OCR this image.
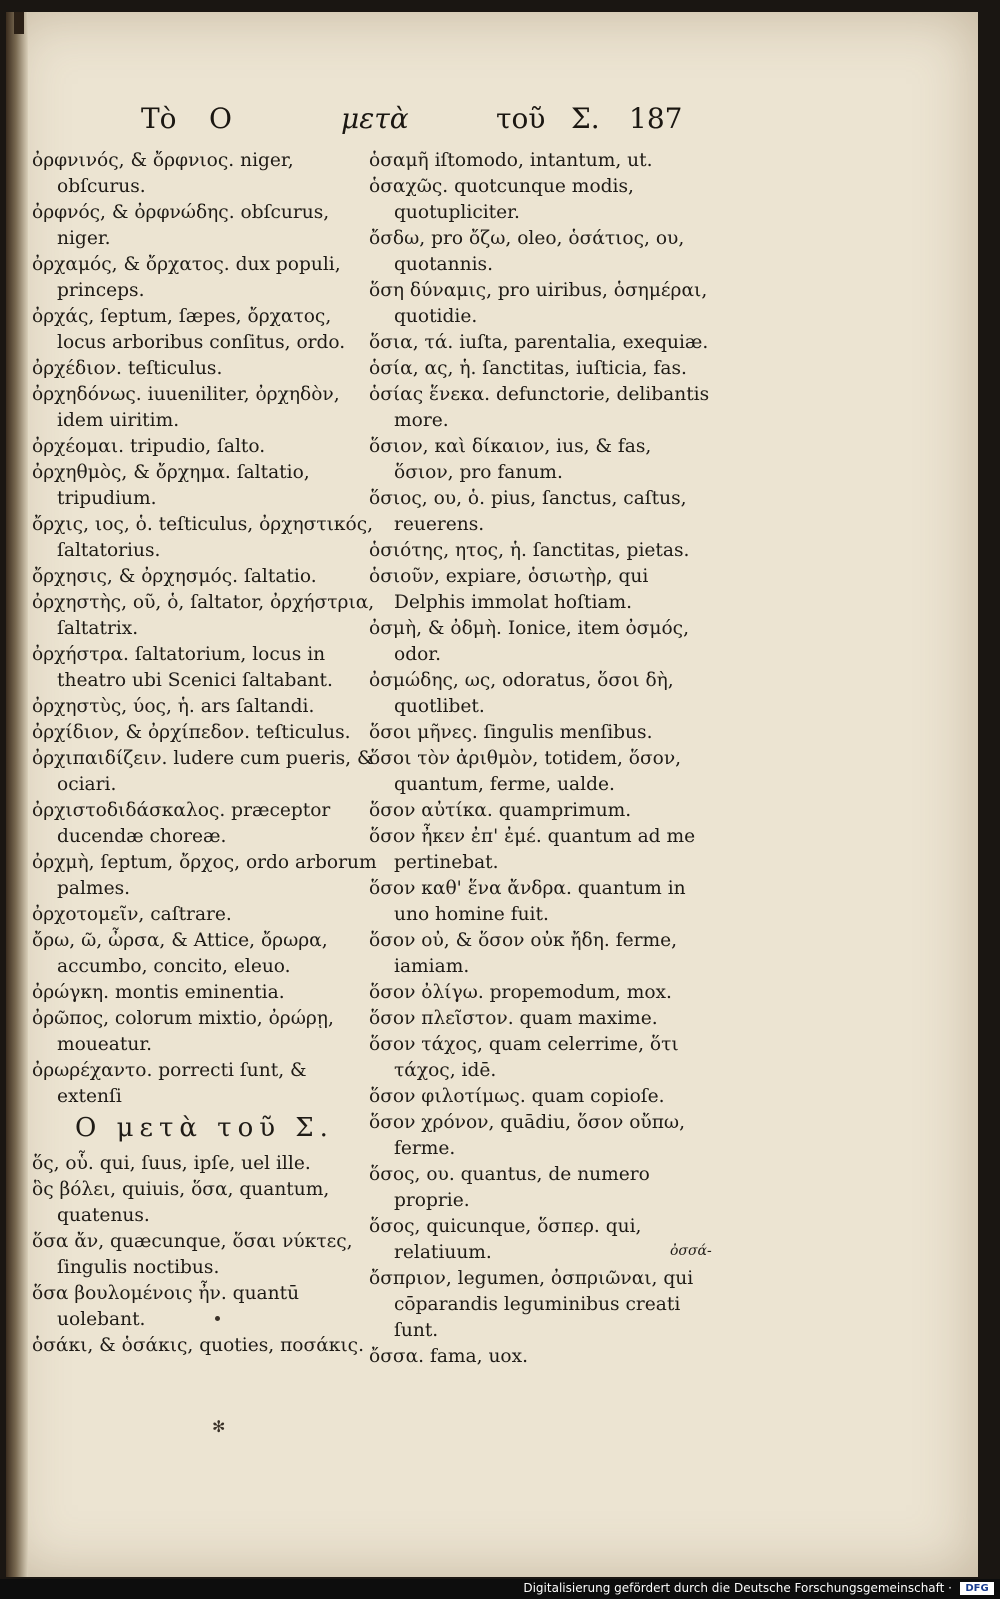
Τὸ Ο	μετὰ	τοῦ Σ. 187

ὀρφνινός, & ὄρφνιος. niger, obſcurus.

ὀρφνός, & ὀρφνώδης. obſcurus, niger.

ὀρχαμός, & ὄρχατος. dux populi, princeps.

ὀρχάς, ſeptum, ſæpes, ὄρχατος, locus arboribus conſitus, ordo.

ὀρχέδιον. teſticulus.

ὀρχηδόνως. iuueniliter, ὀρχηδὸν, idem uiritim.

ὀρχέομαι. tripudio, ſalto.

ὀρχηθμὸς, & ὄρχημα. ſaltatio, tripudium.

ὄρχις, ιος, ὁ. teſticulus, ὀρχηστικός, ſaltatorius.

ὄρχησις, & ὀρχησμός. ſaltatio.

ὀρχηστὴς, οῦ, ὁ, ſaltator, ὀρχήστρια, ſaltatrix.

ὀρχήστρα. ſaltatorium, locus in theatro ubi Scenici ſaltabant.

ὀρχηστὺς, ύος, ἡ. ars ſaltandi.

ὀρχίδιον, & ὀρχίπεδον. teſticulus.

ὀρχιπαιδίζειν. ludere cum pueris, & ociari.

ὀρχιστοδιδάσκαλος. præceptor ducendæ choreæ.

ὀρχμὴ, ſeptum, ὄρχος, ordo arborum palmes.

ὀρχοτομεῖν, caſtrare.

ὄρω, ῶ, ὦρσα, & Attice, ὄρωρα, accumbo, concito, eleuo.

ὀρώγκη. montis eminentia.

ὀρῶπος, colorum mixtio, ὀρώρῃ, moueatur.

ὀρωρέχαντο. porrecti ſunt, & extenſi

Ο μετὰ τοῦ Σ.

ὅς, οὗ. qui, ſuus, ipſe, uel ille.

ὃς βόλει, quiuis, ὅσα, quantum, quatenus.

ὅσα ἄν, quæcunque, ὅσαι νύκτες, ſingulis noctibus.

ὅσα βουλομένοις ἦν. quantū uolebant.

ὁσάκι, & ὁσάκις, quoties, ποσάκις.

ὁσαμῆ iſtomodo, intantum, ut.

ὁσαχῶς. quotcunque modis, quotupliciter.

ὄσδω, pro ὄζω, oleo, ὁσάτιος, ου, quotannis.

ὅση δύναμις, pro uiribus, ὁσημέραι, quotidie.

ὅσια, τά. iuſta, parentalia, exequiæ.

ὁσία, ας, ἡ. ſanctitas, iuſticia, fas.

ὁσίας ἕνεκα. defunctorie, delibantis more.

ὅσιον, καὶ δίκαιον, ius, & fas, ὅσιον, pro fanum.

ὅσιος, ου, ὁ. pius, ſanctus, caſtus, reuerens.

ὁσιότης, ητος, ἡ. ſanctitas, pietas.

ὁσιοῦν, expiare, ὁσιωτὴρ, qui Delphis immolat hoſtiam.

ὀσμὴ, & ὀδμὴ. Ionice, item ὀσμός, odor.

ὀσμώδης, ως, odoratus, ὅσοι δὴ, quotlibet.

ὅσοι μῆνες. ſingulis menſibus.

ὅσοι τὸν ἀριθμὸν, totidem, ὅσον, quantum, ferme, ualde.

ὅσον αὐτίκα. quamprimum.

ὅσον ἦκεν ἐπ' ἐμέ. quantum ad me pertinebat.

ὅσον καθ' ἕνα ἄνδρα. quantum in uno homine fuit.

ὅσον οὐ, & ὅσον οὐκ ἤδη. ferme, iamiam.

ὅσον ὀλίγω. propemodum, mox.

ὅσον πλεῖστον. quam maxime.

ὅσον τάχος, quam celerrime, ὅτι τάχος, idē.

ὅσον φιλοτίμως. quam copioſe.

ὅσον χρόνον, quādiu, ὅσον οὔπω, ferme.

ὅσος, ου. quantus, de numero proprie.

ὅσος, quicunque, ὅσπερ. qui, relatiuum.

ὄσπριον, legumen, ὀσπριῶναι, qui cōparandis leguminibus creati ſunt.

ὄσσα. fama, uox.

ὀσσά-
✻
Digitalisierung gefördert durch die Deutsche Forschungsgemeinschaft ·	DFG
